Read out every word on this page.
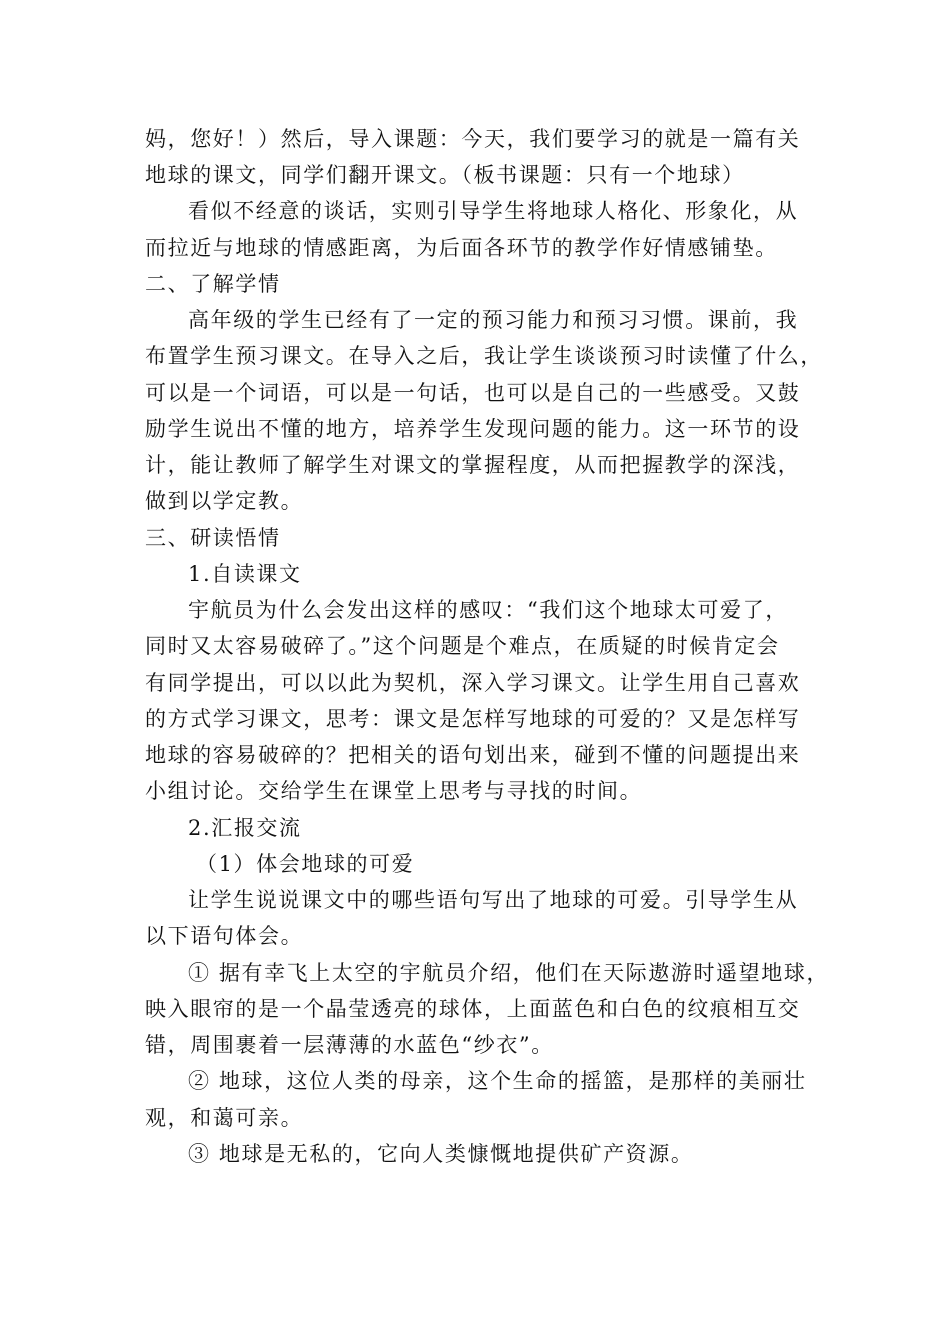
妈，您好！）然后，导入课题：今天，我们要学习的就是一篇有关
地球的课文，同学们翻开课文。（板书课题：只有一个地球）
看似不经意的谈话，实则引导学生将地球人格化、形象化，从
而拉近与地球的情感距离，为后面各环节的教学作好情感铺垫。
二、了解学情
高年级的学生已经有了一定的预习能力和预习习惯。课前，我
布置学生预习课文。在导入之后，我让学生谈谈预习时读懂了什么，
可以是一个词语，可以是一句话，也可以是自己的一些感受。又鼓
励学生说出不懂的地方，培养学生发现问题的能力。这一环节的设
计，能让教师了解学生对课文的掌握程度，从而把握教学的深浅，
做到以学定教。
三、研读悟情
1.自读课文
宇航员为什么会发出这样的感叹：“我们这个地球太可爱了，
同时又太容易破碎了。”这个问题是个难点，在质疑的时候肯定会
有同学提出，可以以此为契机，深入学习课文。让学生用自己喜欢
的方式学习课文，思考：课文是怎样写地球的可爱的？又是怎样写
地球的容易破碎的？把相关的语句划出来，碰到不懂的问题提出来
小组讨论。交给学生在课堂上思考与寻找的时间。
2.汇报交流
（1）体会地球的可爱
让学生说说课文中的哪些语句写出了地球的可爱。引导学生从
以下语句体会。
① 据有幸飞上太空的宇航员介绍，他们在天际遨游时遥望地球，
映入眼帘的是一个晶莹透亮的球体，上面蓝色和白色的纹痕相互交
错，周围裹着一层薄薄的水蓝色“纱衣”。
② 地球，这位人类的母亲，这个生命的摇篮，是那样的美丽壮
观，和蔼可亲。
③ 地球是无私的，它向人类慷慨地提供矿产资源。
